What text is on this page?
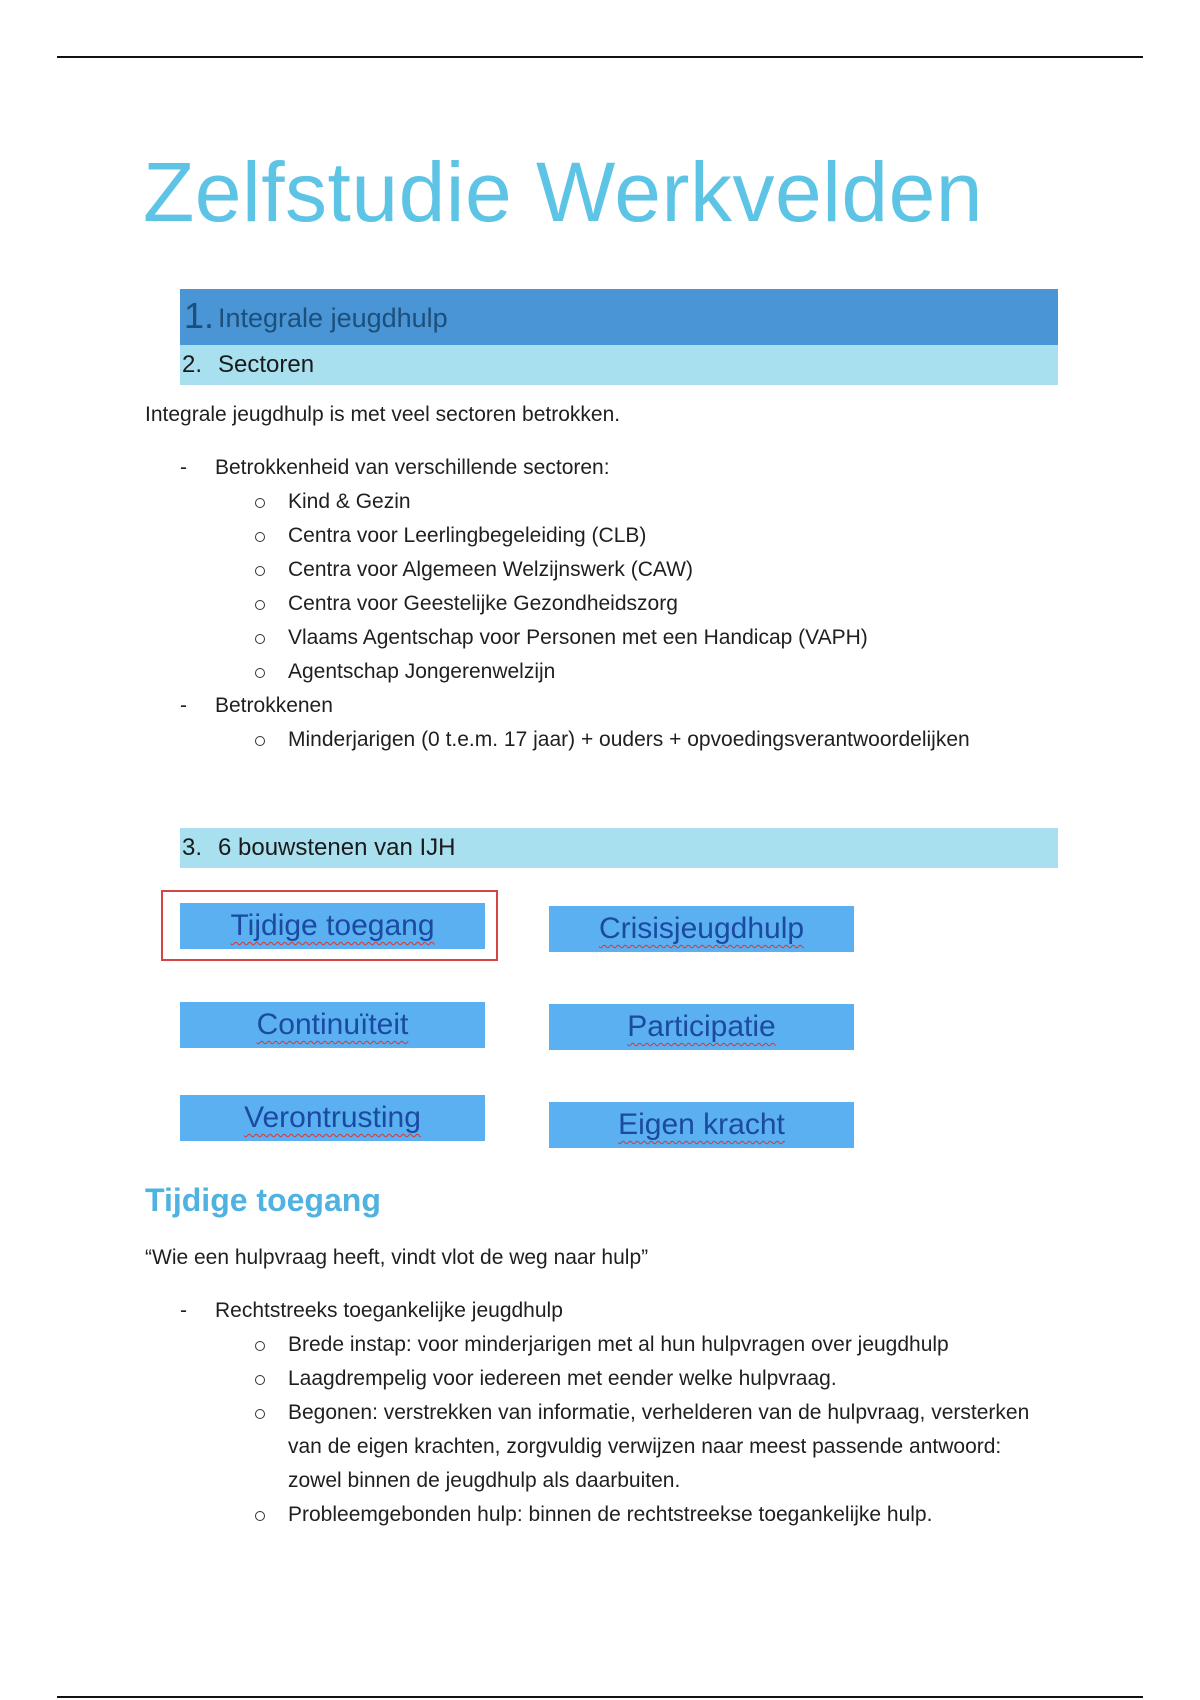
Zelfstudie Werkvelden
1. Integrale jeugdhulp
2. Sectoren

Integrale jeugdhulp is met veel sectoren betrokken.

- Betrokkenheid van verschillende sectoren:
Kind & Gezin
Centra voor Leerlingbegeleiding (CLB)
Centra voor Algemeen Welzijnswerk (CAW)
Centra voor Geestelijke Gezondheidszorg
Vlaams Agentschap voor Personen met een Handicap (VAPH)
Agentschap Jongerenwelzijn
- Betrokkenen
Minderjarigen (0 t.e.m. 17 jaar) + ouders + opvoedingsverantwoordelijken
3. 6 bouwstenen van IJH
Tijdige toegang	Crisisjeugdhulp
Continuïteit	Participatie
Verontrusting	Eigen kracht
Tijdige toegang

“Wie een hulpvraag heeft, vindt vlot de weg naar hulp”

- Rechtstreeks toegankelijke jeugdhulp
Brede instap: voor minderjarigen met al hun hulpvragen over jeugdhulp
Laagdrempelig voor iedereen met eender welke hulpvraag.
Begonen: verstrekken van informatie, verhelderen van de hulpvraag, versterken van de eigen krachten, zorgvuldig verwijzen naar meest passende antwoord: zowel binnen de jeugdhulp als daarbuiten.
Probleemgebonden hulp: binnen de rechtstreekse toegankelijke hulp.
